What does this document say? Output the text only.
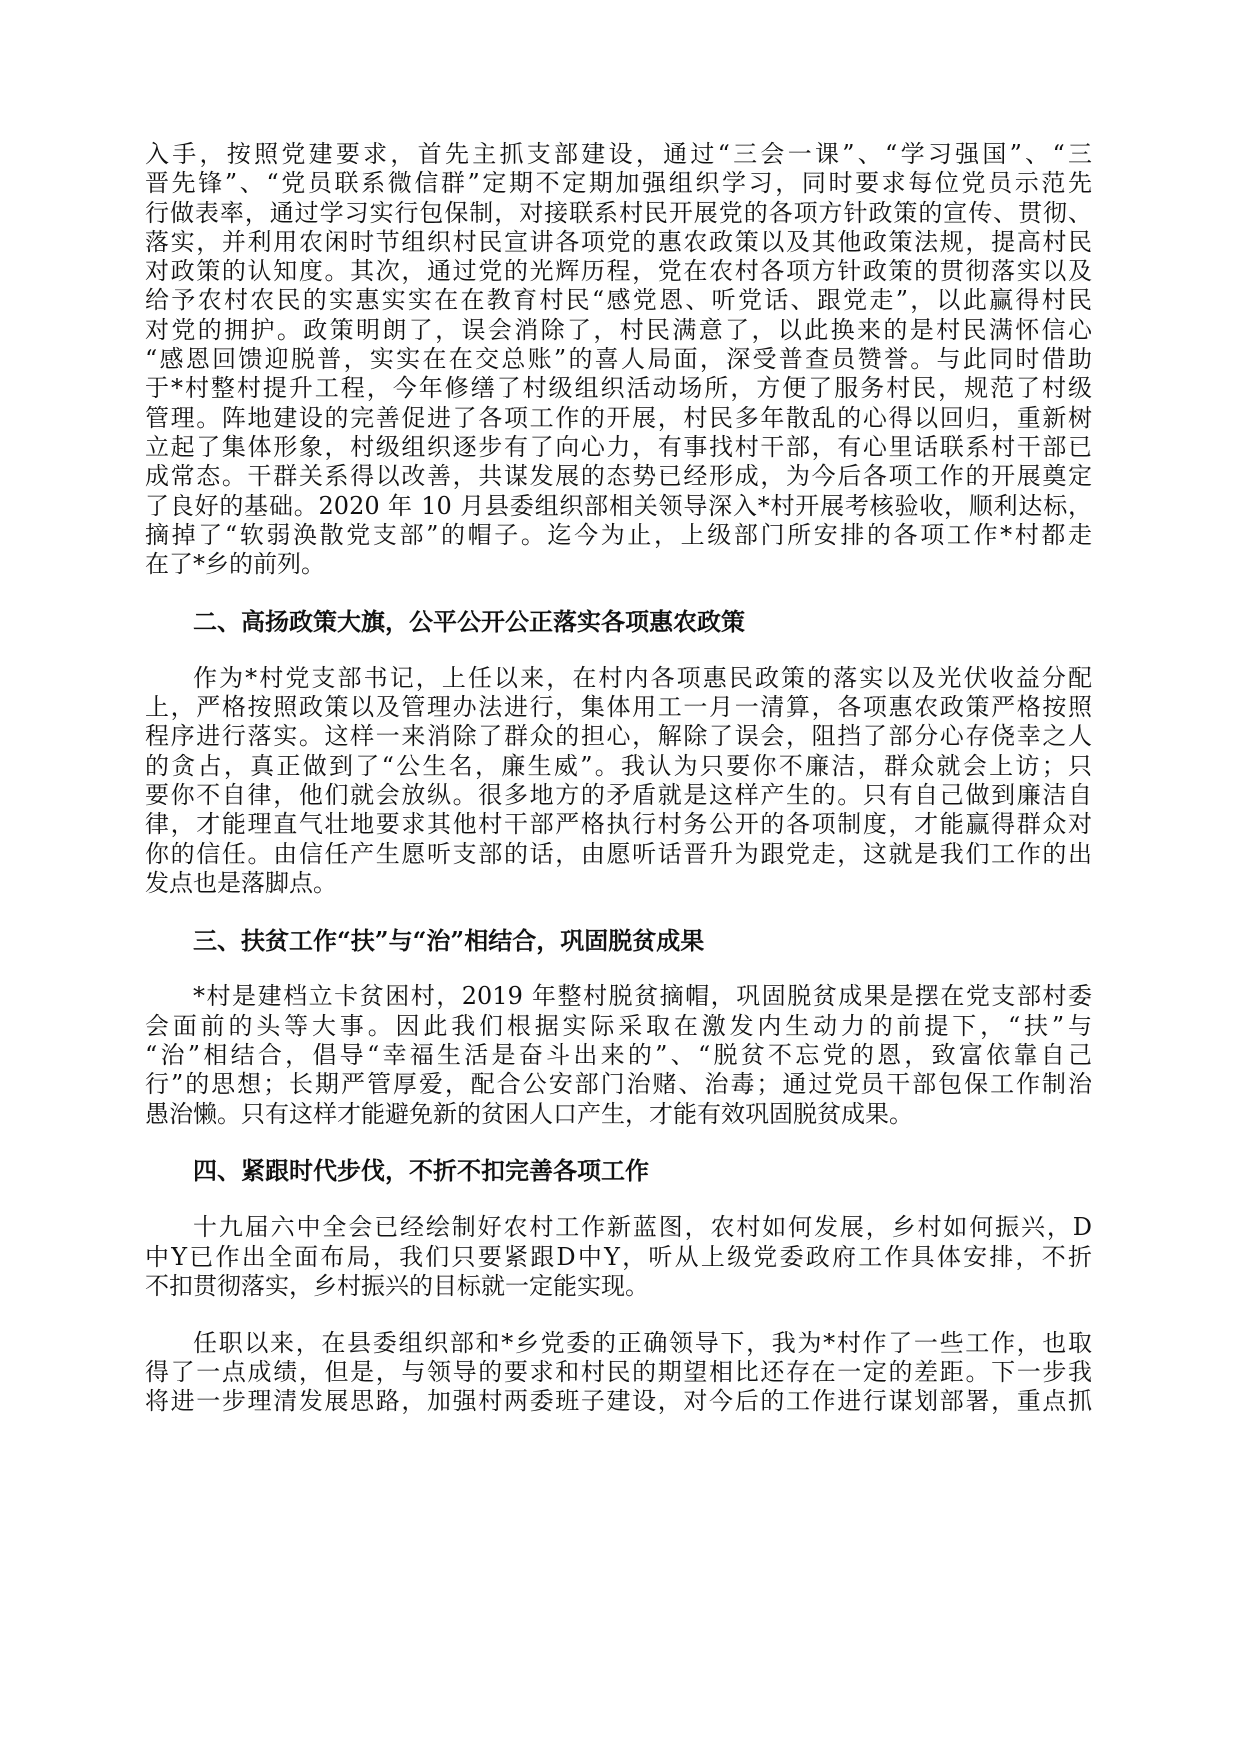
入手，按照党建要求，首先主抓支部建设，通过“三会一课”、“学习强国”、“三
晋先锋”、“党员联系微信群”定期不定期加强组织学习，同时要求每位党员示范先
行做表率，通过学习实行包保制，对接联系村民开展党的各项方针政策的宣传、贯彻、
落实，并利用农闲时节组织村民宣讲各项党的惠农政策以及其他政策法规，提高村民
对政策的认知度。其次，通过党的光辉历程，党在农村各项方针政策的贯彻落实以及
给予农村农民的实惠实实在在教育村民“感党恩、听党话、跟党走”，以此赢得村民
对党的拥护。政策明朗了，误会消除了，村民满意了，以此换来的是村民满怀信心
“感恩回馈迎脱普，实实在在交总账”的喜人局面，深受普查员赞誉。与此同时借助
于*村整村提升工程，今年修缮了村级组织活动场所，方便了服务村民，规范了村级
管理。阵地建设的完善促进了各项工作的开展，村民多年散乱的心得以回归，重新树
立起了集体形象，村级组织逐步有了向心力，有事找村干部，有心里话联系村干部已
成常态。干群关系得以改善，共谋发展的态势已经形成，为今后各项工作的开展奠定
了良好的基础。2020 年 10 月县委组织部相关领导深入*村开展考核验收，顺利达标，
摘掉了“软弱涣散党支部”的帽子。迄今为止，上级部门所安排的各项工作*村都走
在了*乡的前列。
二、高扬政策大旗，公平公开公正落实各项惠农政策
作为*村党支部书记，上任以来，在村内各项惠民政策的落实以及光伏收益分配
上，严格按照政策以及管理办法进行，集体用工一月一清算，各项惠农政策严格按照
程序进行落实。这样一来消除了群众的担心，解除了误会，阻挡了部分心存侥幸之人
的贪占，真正做到了“公生名，廉生威”。我认为只要你不廉洁，群众就会上访；只
要你不自律，他们就会放纵。很多地方的矛盾就是这样产生的。只有自己做到廉洁自
律，才能理直气壮地要求其他村干部严格执行村务公开的各项制度，才能赢得群众对
你的信任。由信任产生愿听支部的话，由愿听话晋升为跟党走，这就是我们工作的出
发点也是落脚点。
三、扶贫工作“扶”与“治”相结合，巩固脱贫成果
*村是建档立卡贫困村，2019 年整村脱贫摘帽，巩固脱贫成果是摆在党支部村委
会面前的头等大事。因此我们根据实际采取在激发内生动力的前提下，“扶”与
“治”相结合，倡导“幸福生活是奋斗出来的”、“脱贫不忘党的恩，致富依靠自己
行”的思想；长期严管厚爱，配合公安部门治赌、治毒；通过党员干部包保工作制治
愚治懒。只有这样才能避免新的贫困人口产生，才能有效巩固脱贫成果。
四、紧跟时代步伐，不折不扣完善各项工作
十九届六中全会已经绘制好农村工作新蓝图，农村如何发展，乡村如何振兴，D
中Y已作出全面布局，我们只要紧跟D中Y，听从上级党委政府工作具体安排，不折
不扣贯彻落实，乡村振兴的目标就一定能实现。
任职以来，在县委组织部和*乡党委的正确领导下，我为*村作了一些工作，也取
得了一点成绩，但是，与领导的要求和村民的期望相比还存在一定的差距。下一步我
将进一步理清发展思路，加强村两委班子建设，对今后的工作进行谋划部署，重点抓
